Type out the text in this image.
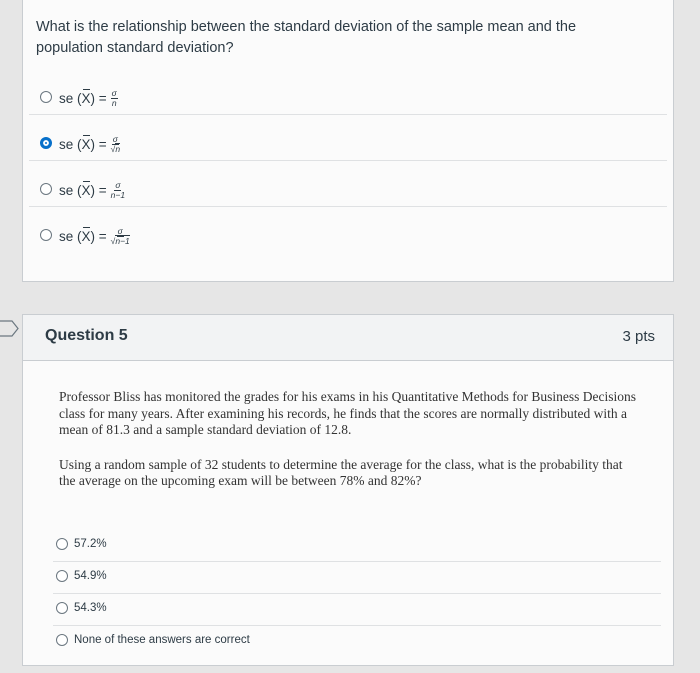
What is the relationship between the standard deviation of the sample mean and the population standard deviation?
se ( X ) = $\frac{\sigma}{n}$
se ( X ) = $\frac{\sigma}{√n}$
se ( X ) = $\frac{\sigma}{n-1}$
se ( X ) = $\frac{\sigma}{√n-1}$
Question 5	3 pts

Professor Bliss has monitored the grades for his exams in his Quantitative Methods for Business Decisions class for many years. After examining his records, he finds that the scores are normally distributed with a mean of 81.3 and a sample standard deviation of 12.8.

Using a random sample of 32 students to determine the average for the class, what is the probability that the average on the upcoming exam will be between 78% and 82%?

57.2%
54.9%
54.3%
None of these answers are correct
